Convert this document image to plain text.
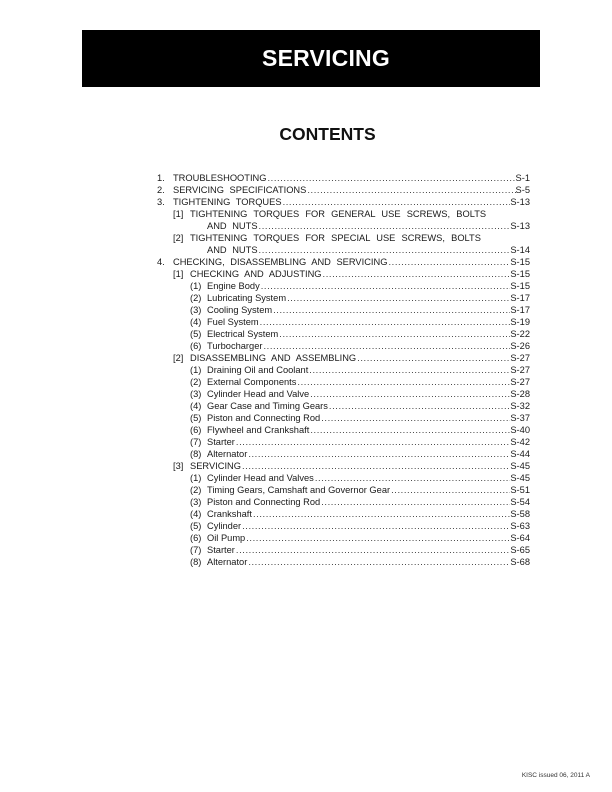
SERVICING
CONTENTS
1. TROUBLESHOOTING .....	S-1
2. SERVICING SPECIFICATIONS .....	S-5
3. TIGHTENING TORQUES .....	S-13
[1] TIGHTENING TORQUES FOR GENERAL USE SCREWS, BOLTS
AND NUTS .....	S-13
[2] TIGHTENING TORQUES FOR SPECIAL USE SCREWS, BOLTS
AND NUTS .....	S-14
4. CHECKING, DISASSEMBLING AND SERVICING .....	S-15
[1] CHECKING AND ADJUSTING .....	S-15
(1) Engine Body .....	S-15
(2) Lubricating System .....	S-17
(3) Cooling System .....	S-17
(4) Fuel System .....	S-19
(5) Electrical System .....	S-22
(6) Turbocharger .....	S-26
[2] DISASSEMBLING AND ASSEMBLING .....	S-27
(1) Draining Oil and Coolant .....	S-27
(2) External Components .....	S-27
(3) Cylinder Head and Valve .....	S-28
(4) Gear Case and Timing Gears .....	S-32
(5) Piston and Connecting Rod .....	S-37
(6) Flywheel and Crankshaft .....	S-40
(7) Starter .....	S-42
(8) Alternator .....	S-44
[3] SERVICING .....	S-45
(1) Cylinder Head and Valves .....	S-45
(2) Timing Gears, Camshaft and Governor Gear .....	S-51
(3) Piston and Connecting Rod .....	S-54
(4) Crankshaft .....	S-58
(5) Cylinder .....	S-63
(6) Oil Pump .....	S-64
(7) Starter .....	S-65
(8) Alternator .....	S-68
KISC issued 06, 2011 A
